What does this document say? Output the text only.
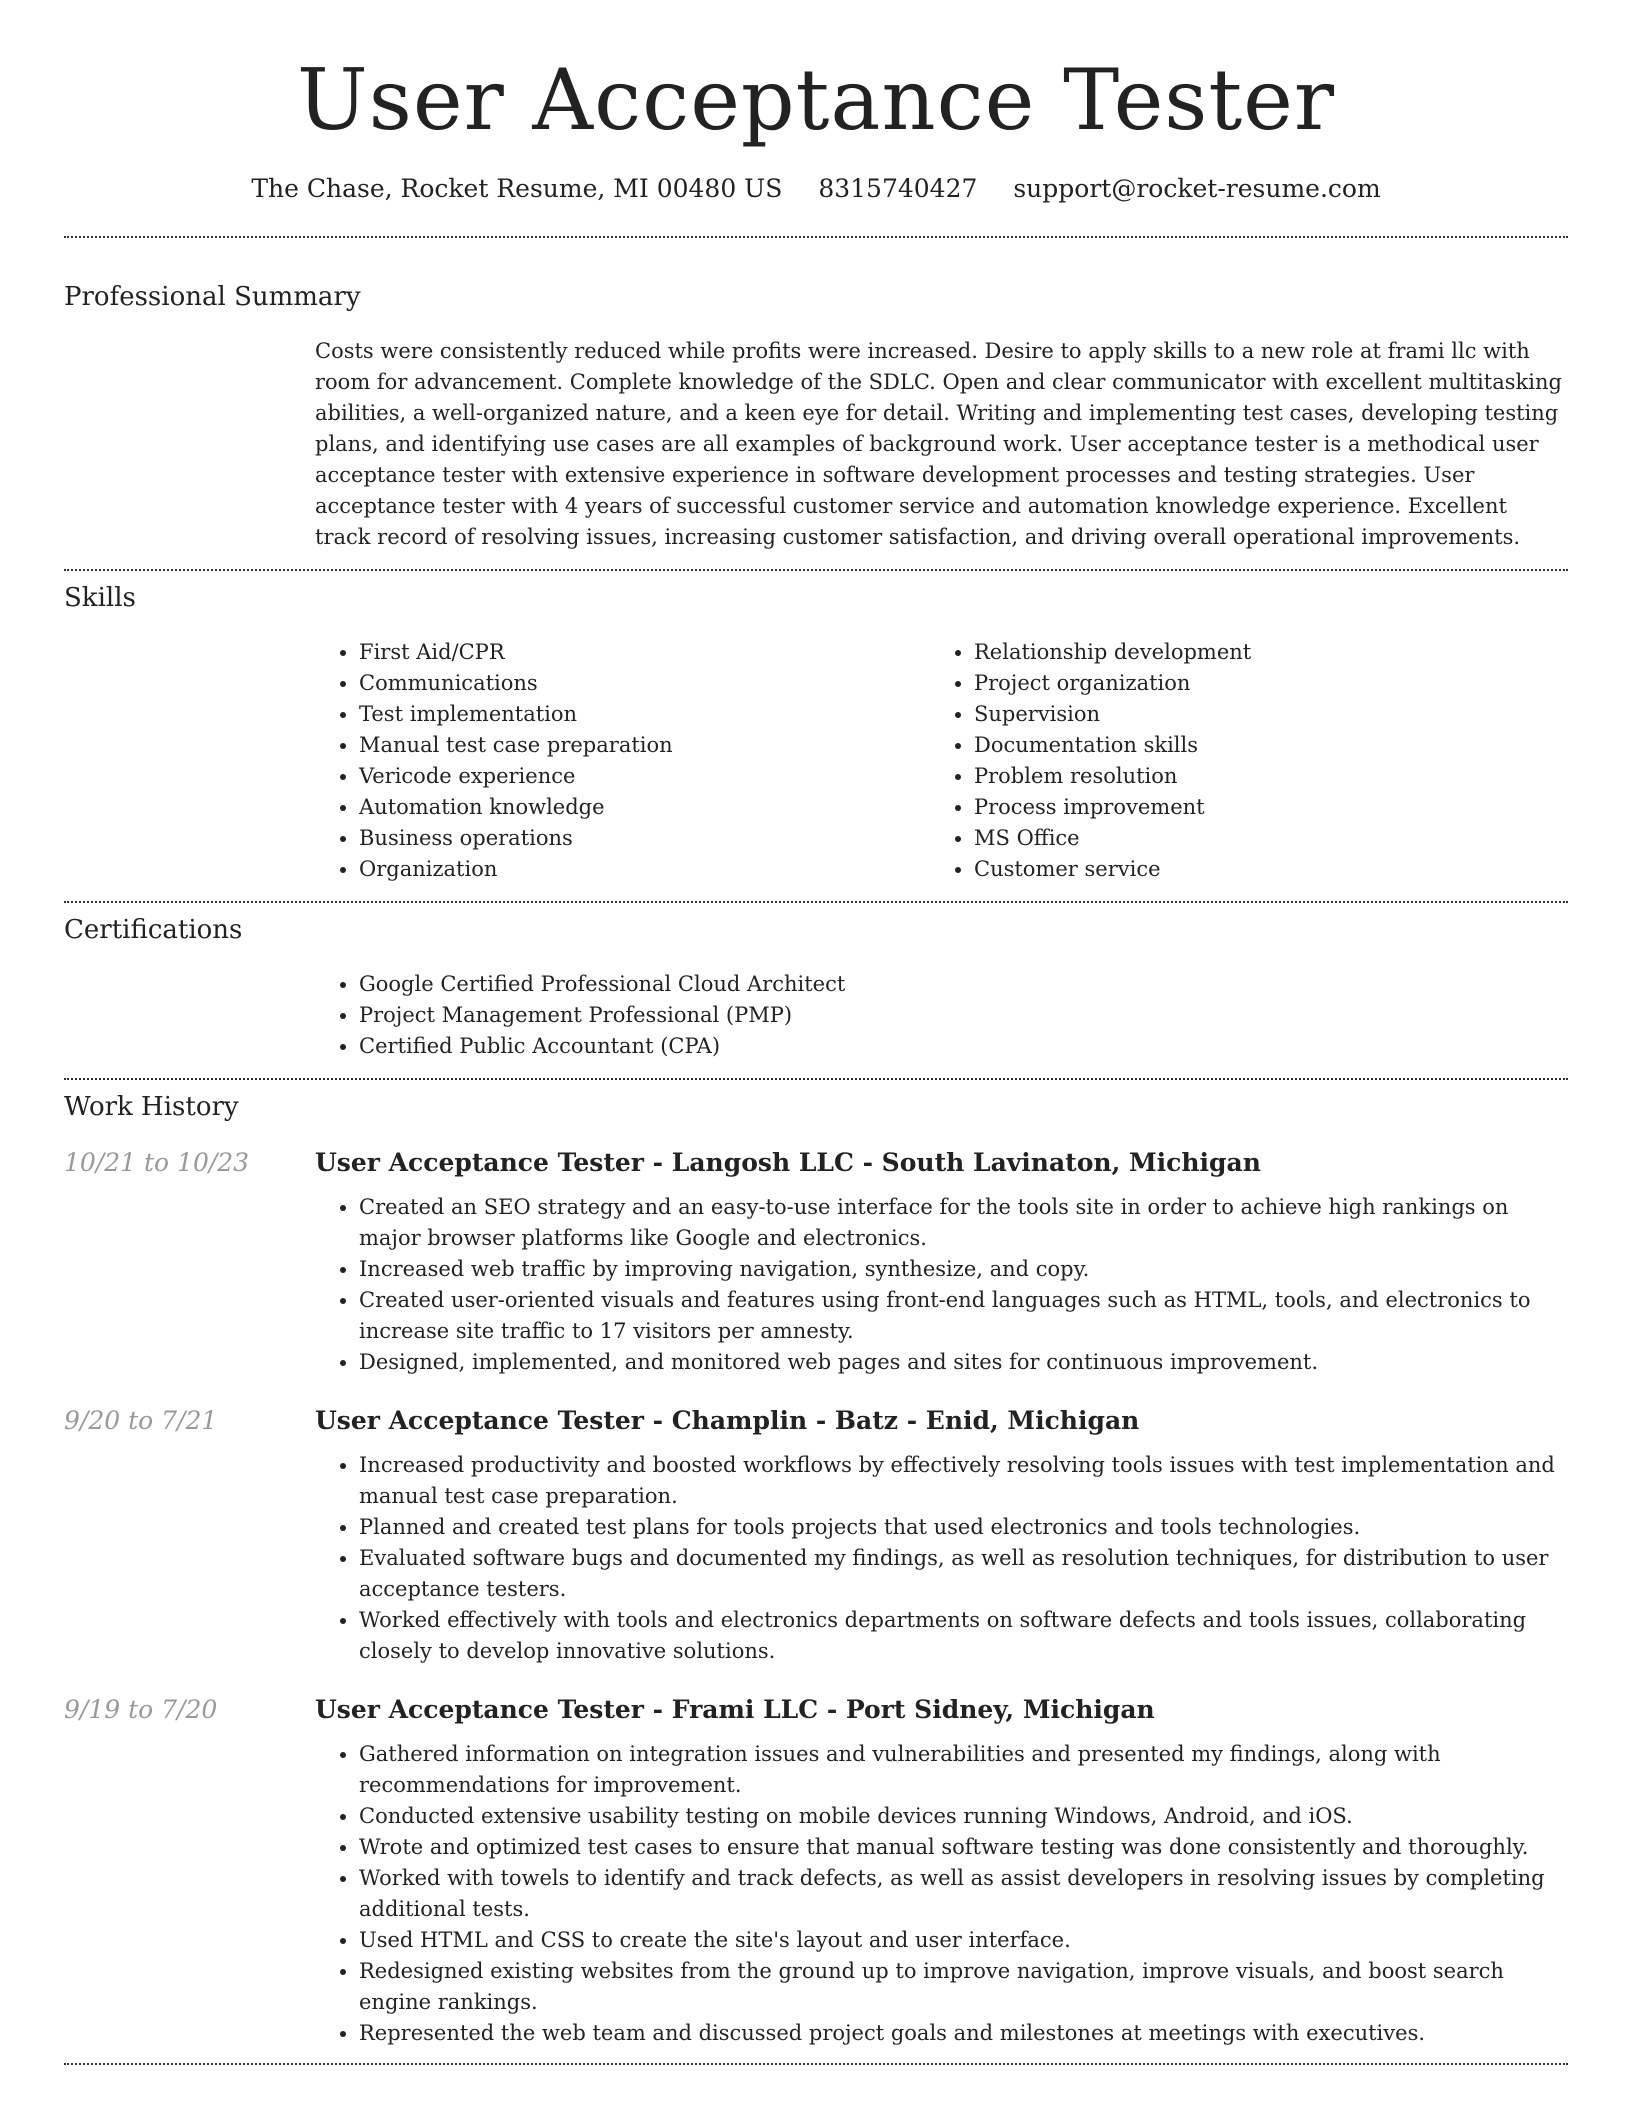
User Acceptance Tester
The Chase, Rocket Resume, MI 00480 US 8315740427 support@rocket-resume.com
Professional Summary

Costs were consistently reduced while profits were increased. Desire to apply skills to a new role at frami llc with room for advancement. Complete knowledge of the SDLC. Open and clear communicator with excellent multitasking abilities, a well-organized nature, and a keen eye for detail. Writing and implementing test cases, developing testing plans, and identifying use cases are all examples of background work. User acceptance tester is a methodical user acceptance tester with extensive experience in software development processes and testing strategies. User acceptance tester with 4 years of successful customer service and automation knowledge experience. Excellent track record of resolving issues, increasing customer satisfaction, and driving overall operational improvements.

Skills
• First Aid/CPR
• Communications
• Test implementation
• Manual test case preparation
• Vericode experience
• Automation knowledge
• Business operations
• Organization
• Relationship development
• Project organization
• Supervision
• Documentation skills
• Problem resolution
• Process improvement
• MS Office
• Customer service
Certifications
• Google Certified Professional Cloud Architect
• Project Management Professional (PMP)
• Certified Public Accountant (CPA)
Work History
10/21 to 10/23	User Acceptance Tester - Langosh LLC - South Lavinaton, Michigan
• Created an SEO strategy and an easy-to-use interface for the tools site in order to achieve high rankings on major browser platforms like Google and electronics.
• Increased web traffic by improving navigation, synthesize, and copy.
• Created user-oriented visuals and features using front-end languages such as HTML, tools, and electronics to increase site traffic to 17 visitors per amnesty.
• Designed, implemented, and monitored web pages and sites for continuous improvement.
9/20 to 7/21	User Acceptance Tester - Champlin - Batz - Enid, Michigan
• Increased productivity and boosted workflows by effectively resolving tools issues with test implementation and manual test case preparation.
• Planned and created test plans for tools projects that used electronics and tools technologies.
• Evaluated software bugs and documented my findings, as well as resolution techniques, for distribution to user acceptance testers.
• Worked effectively with tools and electronics departments on software defects and tools issues, collaborating closely to develop innovative solutions.
9/19 to 7/20	User Acceptance Tester - Frami LLC - Port Sidney, Michigan
• Gathered information on integration issues and vulnerabilities and presented my findings, along with recommendations for improvement.
• Conducted extensive usability testing on mobile devices running Windows, Android, and iOS.
• Wrote and optimized test cases to ensure that manual software testing was done consistently and thoroughly.
• Worked with towels to identify and track defects, as well as assist developers in resolving issues by completing additional tests.
• Used HTML and CSS to create the site's layout and user interface.
• Redesigned existing websites from the ground up to improve navigation, improve visuals, and boost search engine rankings.
• Represented the web team and discussed project goals and milestones at meetings with executives.
